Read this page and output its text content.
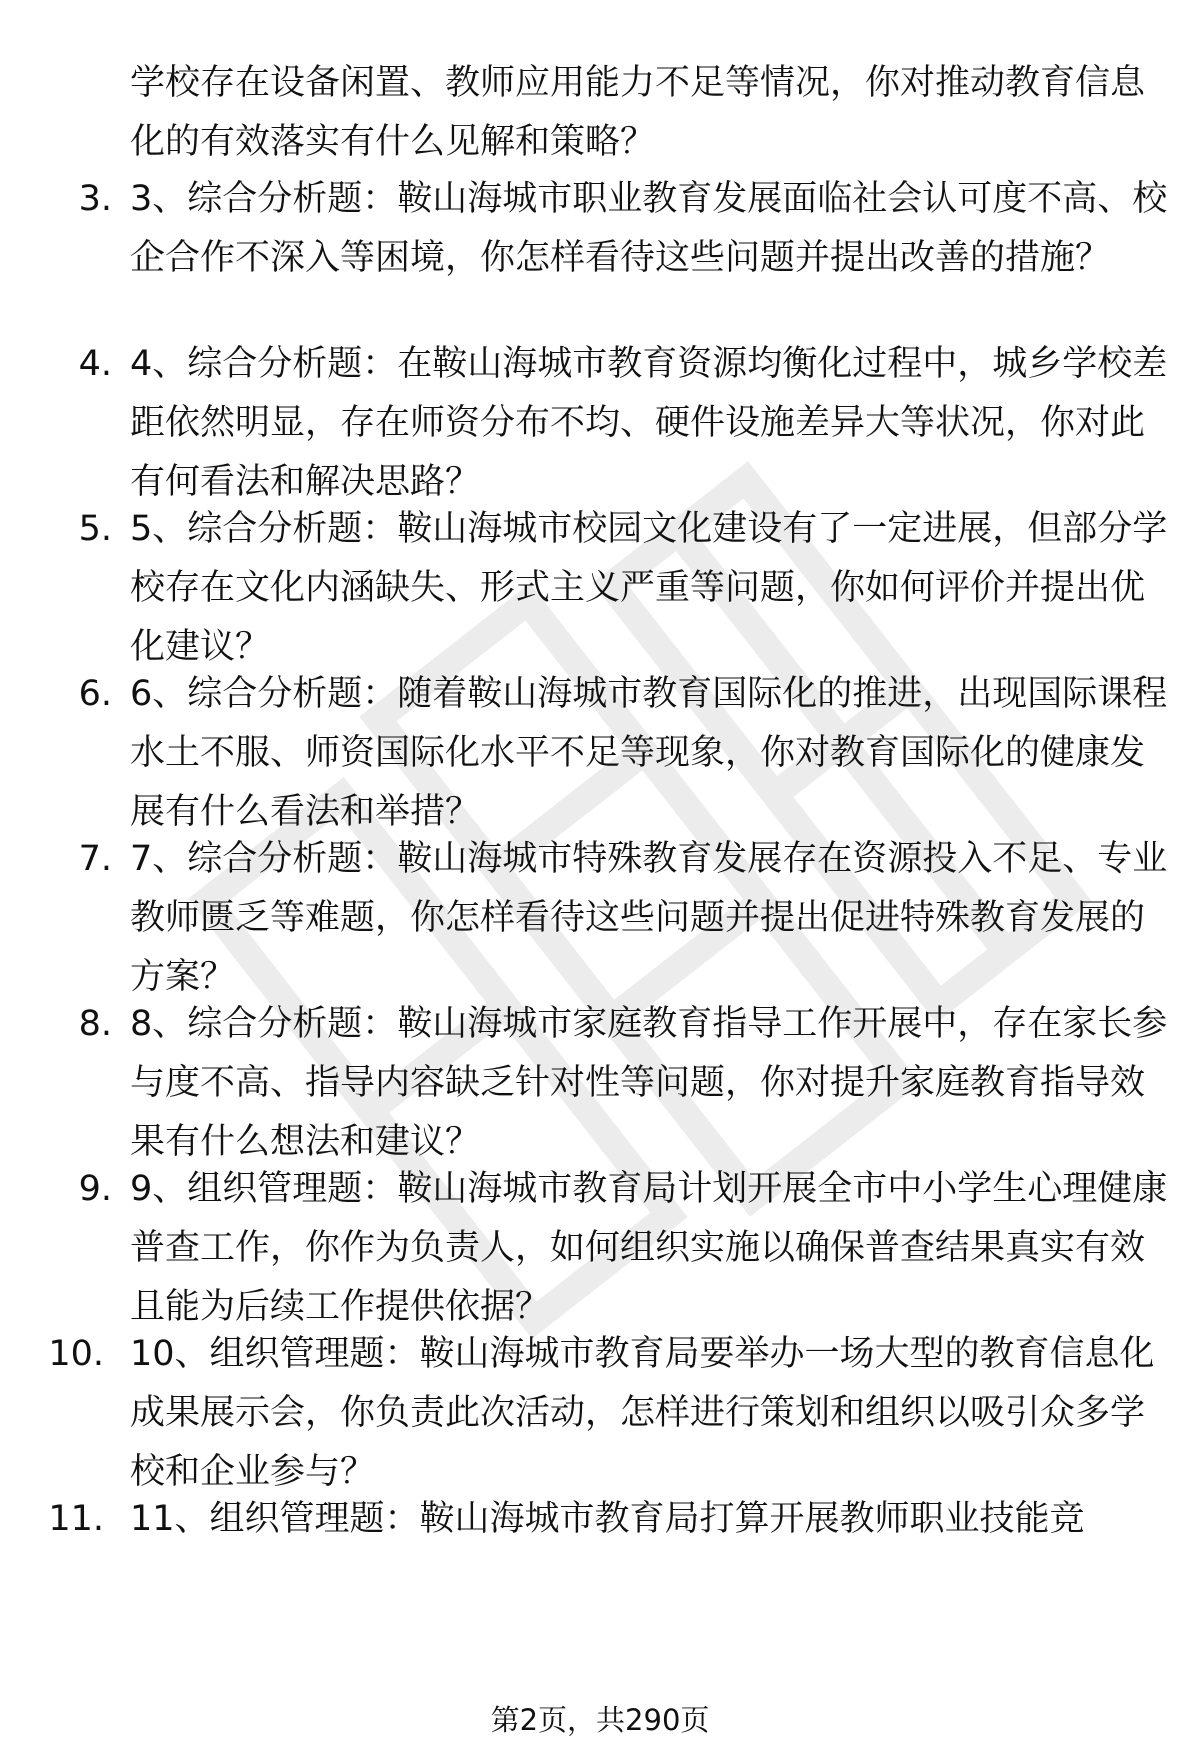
学校存在设备闲置、教师应用能力不足等情况，你对推动教育信息化的有效落实有什么见解和策略？

3. 3、综合分析题：鞍山海城市职业教育发展面临社会认可度不高、校企合作不深入等困境，你怎样看待这些问题并提出改善的措施？

4. 4、综合分析题：在鞍山海城市教育资源均衡化过程中，城乡学校差距依然明显，存在师资分布不均、硬件设施差异大等状况，你对此有何看法和解决思路？

5. 5、综合分析题：鞍山海城市校园文化建设有了一定进展，但部分学校存在文化内涵缺失、形式主义严重等问题，你如何评价并提出优化建议？

6. 6、综合分析题：随着鞍山海城市教育国际化的推进，出现国际课程水土不服、师资国际化水平不足等现象，你对教育国际化的健康发展有什么看法和举措？

7. 7、综合分析题：鞍山海城市特殊教育发展存在资源投入不足、专业教师匮乏等难题，你怎样看待这些问题并提出促进特殊教育发展的方案？

8. 8、综合分析题：鞍山海城市家庭教育指导工作开展中，存在家长参与度不高、指导内容缺乏针对性等问题，你对提升家庭教育指导效果有什么想法和建议？

9. 9、组织管理题：鞍山海城市教育局计划开展全市中小学生心理健康普查工作，你作为负责人，如何组织实施以确保普查结果真实有效且能为后续工作提供依据？

10. 10、组织管理题：鞍山海城市教育局要举办一场大型的教育信息化成果展示会，你负责此次活动，怎样进行策划和组织以吸引众多学校和企业参与？

11. 11、组织管理题：鞍山海城市教育局打算开展教师职业技能竞

第2页，共290页
